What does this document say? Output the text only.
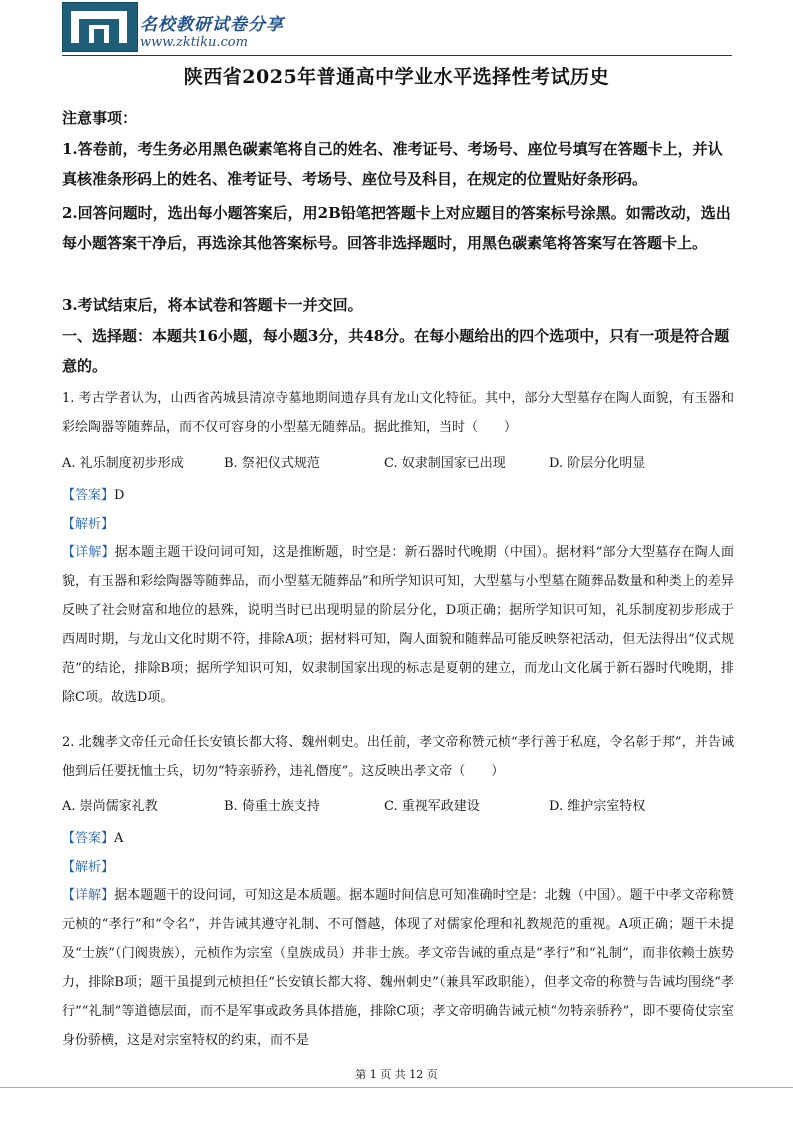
名校教研试卷分享
www.zktiku.com
陕西省2025年普通高中学业水平选择性考试历史
注意事项：
1.答卷前，考生务必用黑色碳素笔将自己的姓名、准考证号、考场号、座位号填写在答题卡上，并认真核准条形码上的姓名、准考证号、考场号、座位号及科目，在规定的位置贴好条形码。
2.回答问题时，选出每小题答案后，用2B铅笔把答题卡上对应题目的答案标号涂黑。如需改动，选出每小题答案干净后，再选涂其他答案标号。回答非选择题时，用黑色碳素笔将答案写在答题卡上。
3.考试结束后，将本试卷和答题卡一并交回。
一、选择题：本题共16小题，每小题3分，共48分。在每小题给出的四个选项中，只有一项是符合题意的。
1. 考古学者认为，山西省芮城县清凉寺墓地期间遗存具有龙山文化特征。其中，部分大型墓存在陶人面貌，有玉器和彩绘陶器等随葬品，而不仅可容身的小型墓无随葬品。据此推知，当时（　　）
A. 礼乐制度初步形成	B. 祭祀仪式规范	C. 奴隶制国家已出现	D. 阶层分化明显
【答案】D
【解析】
【详解】据本题主题干设问词可知，这是推断题，时空是：新石器时代晚期（中国）。据材料“部分大型墓存在陶人面貌，有玉器和彩绘陶器等随葬品，而小型墓无随葬品”和所学知识可知，大型墓与小型墓在随葬品数量和种类上的差异反映了社会财富和地位的悬殊，说明当时已出现明显的阶层分化，D项正确；据所学知识可知，礼乐制度初步形成于西周时期，与龙山文化时期不符，排除A项；据材料可知，陶人面貌和随葬品可能反映祭祀活动，但无法得出“仪式规范”的结论，排除B项；据所学知识可知，奴隶制国家出现的标志是夏朝的建立，而龙山文化属于新石器时代晚期，排除C项。故选D项。
2. 北魏孝文帝任元命任长安镇长都大将、魏州刺史。出任前，孝文帝称赞元桢“孝行善于私庭，令名彰于邦”，并告诫他到后任要抚恤士兵，切勿“特亲骄矜，违礼僭度”。这反映出孝文帝（　　）
A. 崇尚儒家礼教	B. 倚重士族支持	C. 重视军政建设	D. 维护宗室特权
【答案】A
【解析】
【详解】据本题题干的设问词，可知这是本质题。据本题时间信息可知准确时空是：北魏（中国）。题干中孝文帝称赞元桢的“孝行”和“令名”，并告诫其遵守礼制、不可僭越，体现了对儒家伦理和礼教规范的重视。A项正确；题干未提及“士族”（门阀贵族），元桢作为宗室（皇族成员）并非士族。孝文帝告诫的重点是“孝行”和“礼制”，而非依赖士族势力，排除B项；题干虽提到元桢担任“长安镇长都大将、魏州刺史”（兼具军政职能），但孝文帝的称赞与告诫均围绕“孝行”“礼制”等道德层面，而不是军事或政务具体措施，排除C项；孝文帝明确告诫元桢“勿特亲骄矜”，即不要倚仗宗室身份骄横，这是对宗室特权的约束，而不是
第 1 页 共 12 页
